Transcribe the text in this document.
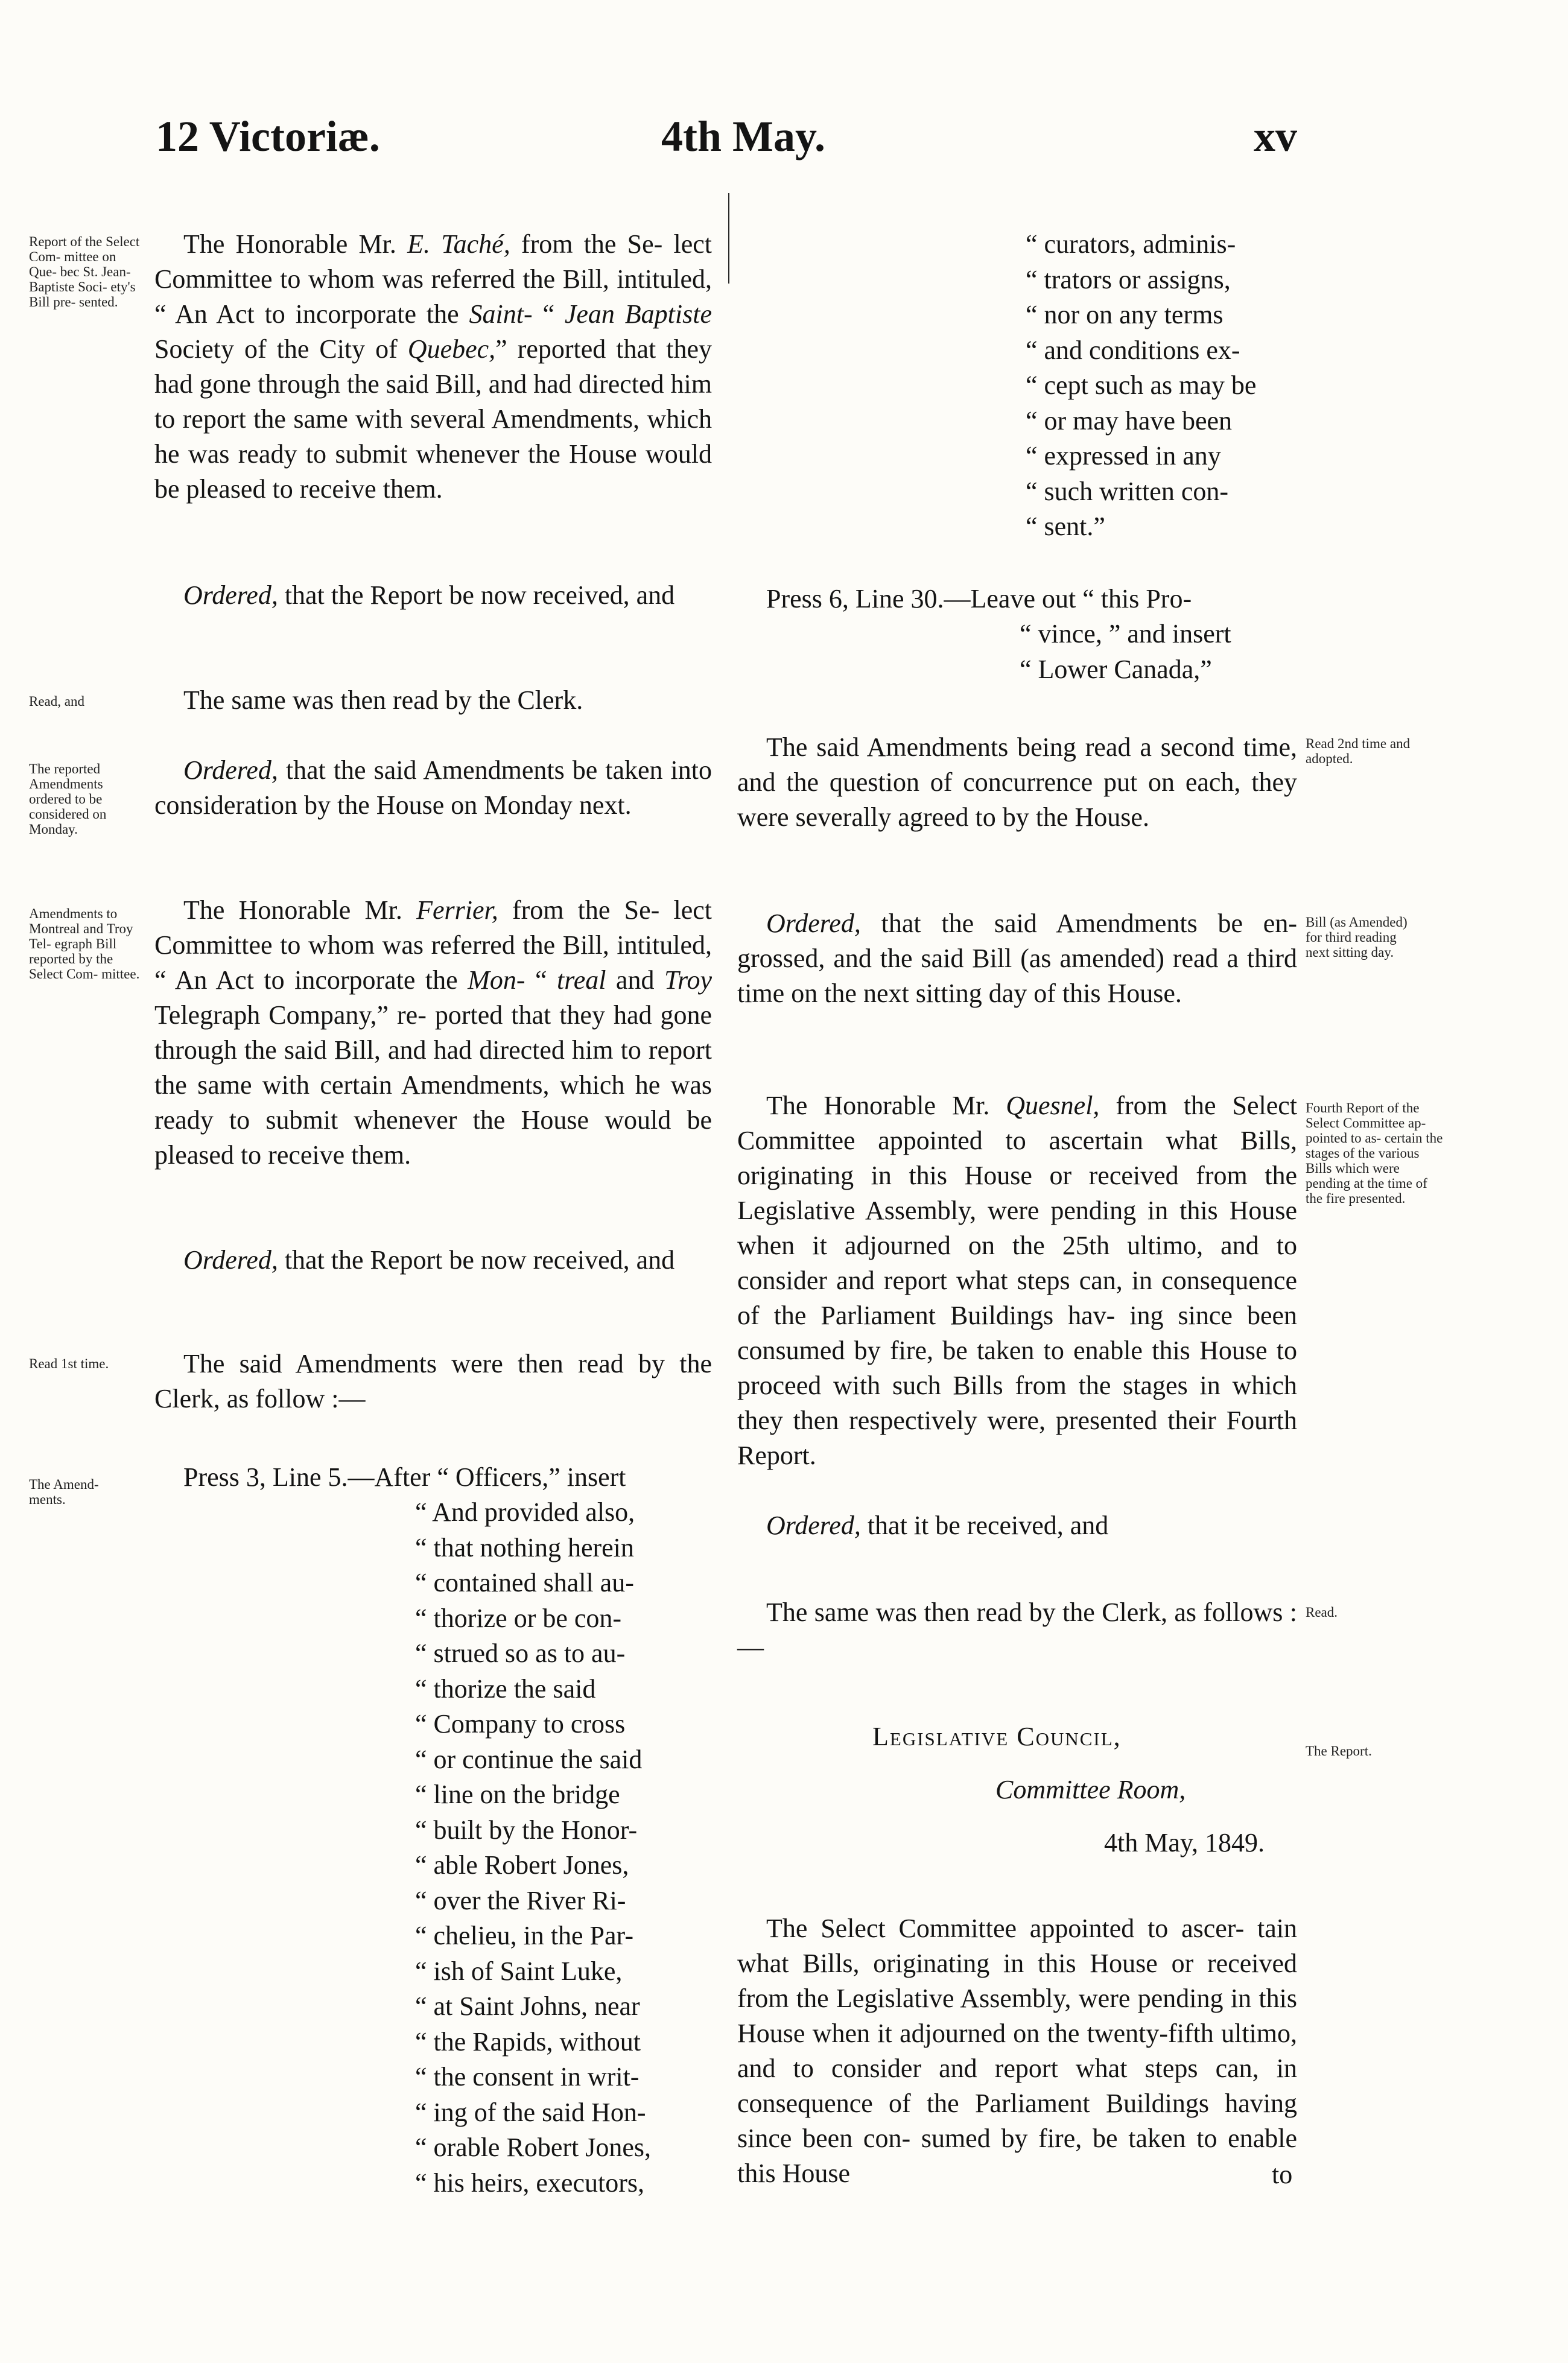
12 Victoriæ.	4th May.	xv
Report of the Select Com- mittee on Que- bec St. Jean- Baptiste Soci- ety's Bill pre- sented.
Read, and
The reported Amendments ordered to be considered on Monday.
Amendments to Montreal and Troy Tel- egraph Bill reported by the Select Com- mittee.
Read 1st time.
The Amend- ments.
The Honorable Mr. E. Taché, from the Se- lect Committee to whom was referred the Bill, intituled, “ An Act to incorporate the Saint- “ Jean Baptiste Society of the City of Quebec,” reported that they had gone through the said Bill, and had directed him to report the same with several Amendments, which he was ready to submit whenever the House would be pleased to receive them.
Ordered, that the Report be now received, and
The same was then read by the Clerk.
Ordered, that the said Amendments be taken into consideration by the House on Monday next.
The Honorable Mr. Ferrier, from the Se- lect Committee to whom was referred the Bill, intituled, “ An Act to incorporate the Mon- “ treal and Troy Telegraph Company,” re- ported that they had gone through the said Bill, and had directed him to report the same with certain Amendments, which he was ready to submit whenever the House would be pleased to receive them.
Ordered, that the Report be now received, and
The said Amendments were then read by the Clerk, as follow :—
Press 3, Line 5.—After “ Officers,” insert
“ And provided also,
“ that nothing herein
“ contained shall au-
“ thorize or be con-
“ strued so as to au-
“ thorize the said
“ Company to cross
“ or continue the said
“ line on the bridge
“ built by the Honor-
“ able Robert Jones,
“ over the River Ri-
“ chelieu, in the Par-
“ ish of Saint Luke,
“ at Saint Johns, near
“ the Rapids, without
“ the consent in writ-
“ ing of the said Hon-
“ orable Robert Jones,
“ his heirs, executors,
“ curators, adminis-
“ trators or assigns,
“ nor on any terms
“ and conditions ex-
“ cept such as may be
“ or may have been
“ expressed in any
“ such written con-
“ sent.”
Press 6, Line 30.—Leave out “ this Pro-
“ vince, ” and insert
“ Lower Canada,”
The said Amendments being read a second time, and the question of concurrence put on each, they were severally agreed to by the House.
Ordered, that the said Amendments be en- grossed, and the said Bill (as amended) read a third time on the next sitting day of this House.
The Honorable Mr. Quesnel, from the Select Committee appointed to ascertain what Bills, originating in this House or received from the Legislative Assembly, were pending in this House when it adjourned on the 25th ultimo, and to consider and report what steps can, in consequence of the Parliament Buildings hav- ing since been consumed by fire, be taken to enable this House to proceed with such Bills from the stages in which they then respectively were, presented their Fourth Report.
Ordered, that it be received, and
The same was then read by the Clerk, as follows :—
Legislative Council,
Committee Room,
4th May, 1849.
The Select Committee appointed to ascer- tain what Bills, originating in this House or received from the Legislative Assembly, were pending in this House when it adjourned on the twenty-fifth ultimo, and to consider and report what steps can, in consequence of the Parliament Buildings having since been con- sumed by fire, be taken to enable this House	to
Read 2nd time and adopted.
Bill (as Amended) for third reading next sitting day.
Fourth Report of the Select Committee ap- pointed to as- certain the stages of the various Bills which were pending at the time of the fire presented.
Read.
The Report.
